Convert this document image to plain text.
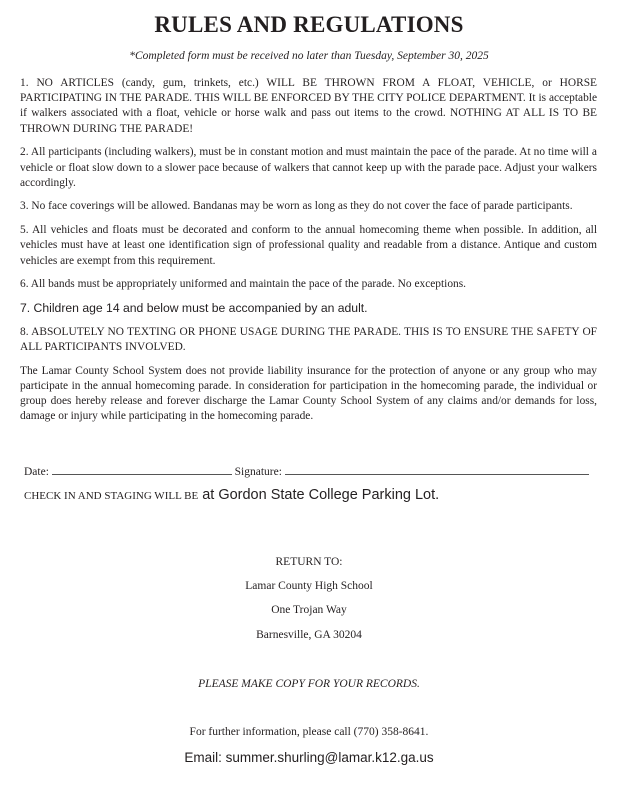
RULES AND REGULATIONS
*Completed form must be received no later than Tuesday, September 30, 2025

1. NO ARTICLES (candy, gum, trinkets, etc.) WILL BE THROWN FROM A FLOAT, VEHICLE, or HORSE PARTICIPATING IN THE PARADE. THIS WILL BE ENFORCED BY THE CITY POLICE DEPARTMENT. It is acceptable if walkers associated with a float, vehicle or horse walk and pass out items to the crowd. NOTHING AT ALL IS TO BE THROWN DURING THE PARADE!

2. All participants (including walkers), must be in constant motion and must maintain the pace of the parade. At no time will a vehicle or float slow down to a slower pace because of walkers that cannot keep up with the parade pace. Adjust your walkers accordingly.

3. No face coverings will be allowed. Bandanas may be worn as long as they do not cover the face of parade participants.

5. All vehicles and floats must be decorated and conform to the annual homecoming theme when possible. In addition, all vehicles must have at least one identification sign of professional quality and readable from a distance. Antique and custom vehicles are exempt from this requirement.

6. All bands must be appropriately uniformed and maintain the pace of the parade. No exceptions.

7. Children age 14 and below must be accompanied by an adult.

8. ABSOLUTELY NO TEXTING OR PHONE USAGE DURING THE PARADE. THIS IS TO ENSURE THE SAFETY OF ALL PARTICIPANTS INVOLVED.

The Lamar County School System does not provide liability insurance for the protection of anyone or any group who may participate in the annual homecoming parade. In consideration for participation in the homecoming parade, the individual or group does hereby release and forever discharge the Lamar County School System of any claims and/or demands for loss, damage or injury while participating in the homecoming parade.

Date:	Signature:
CHECK IN AND STAGING WILL BE at Gordon State College Parking Lot.
RETURN TO:
Lamar County High School
One Trojan Way
Barnesville, GA 30204
PLEASE MAKE COPY FOR YOUR RECORDS.
For further information, please call (770) 358-8641.
Email: summer.shurling@lamar.k12.ga.us
